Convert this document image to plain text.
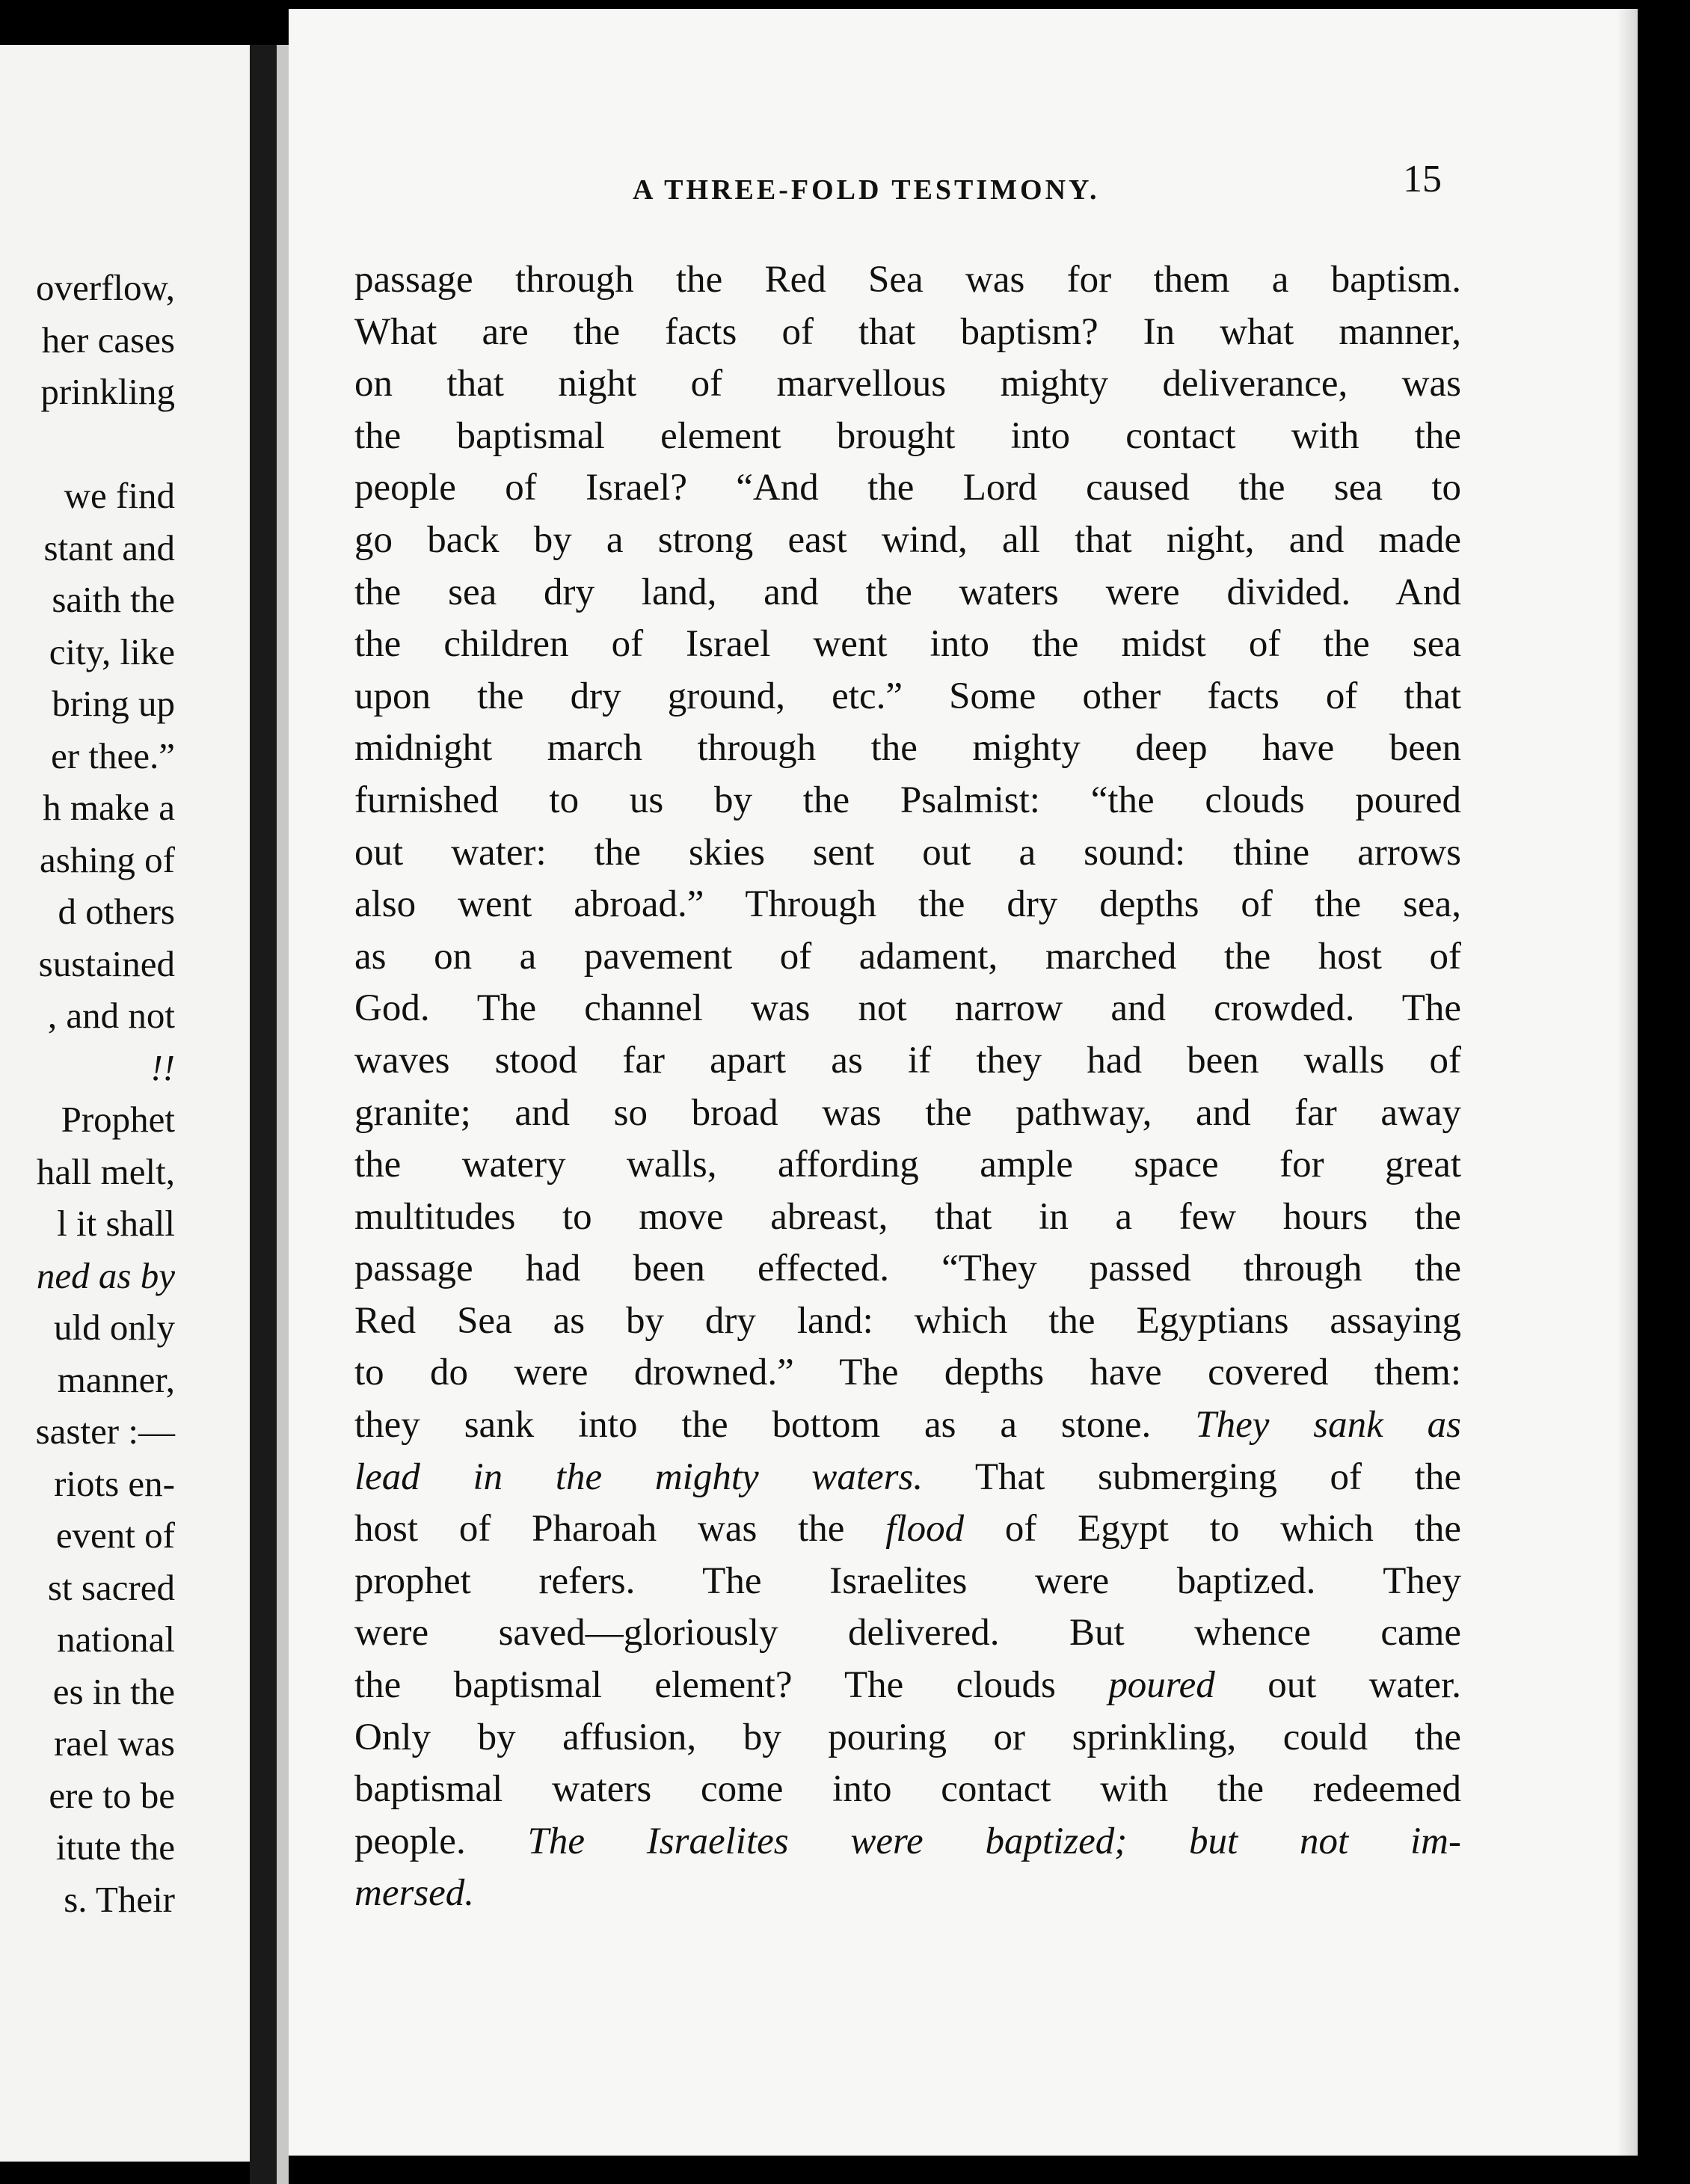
overflow,
her cases
prinkling
we find
stant and
saith the
city, like
bring up
er thee.”
h make a
ashing of
d others
sustained
, and not
!!
Prophet
hall melt,
l it shall
ned as by
uld only
manner,
saster :—
riots en-
event of
st sacred
national
es in the
rael was
ere to be
itute the
s. Their
A THREE-FOLD TESTIMONY.	15
passage through the Red Sea was for them a baptism.
What are the facts of that baptism? In what manner,
on that night of marvellous mighty deliverance, was
the baptismal element brought into contact with the
people of Israel? “And the Lord caused the sea to
go back by a strong east wind, all that night, and made
the sea dry land, and the waters were divided. And
the children of Israel went into the midst of the sea
upon the dry ground, etc.” Some other facts of that
midnight march through the mighty deep have been
furnished to us by the Psalmist: “the clouds poured
out water: the skies sent out a sound: thine arrows
also went abroad.” Through the dry depths of the sea,
as on a pavement of adament, marched the host of
God. The channel was not narrow and crowded. The
waves stood far apart as if they had been walls of
granite; and so broad was the pathway, and far away
the watery walls, affording ample space for great
multitudes to move abreast, that in a few hours the
passage had been effected. “They passed through the
Red Sea as by dry land: which the Egyptians assaying
to do were drowned.” The depths have covered them:
they sank into the bottom as a stone. They sank as
lead in the mighty waters. That submerging of the
host of Pharoah was the flood of Egypt to which the
prophet refers. The Israelites were baptized. They
were saved—gloriously delivered. But whence came
the baptismal element? The clouds poured out water.
Only by affusion, by pouring or sprinkling, could the
baptismal waters come into contact with the redeemed
people. The Israelites were baptized; but not im-
mersed.
